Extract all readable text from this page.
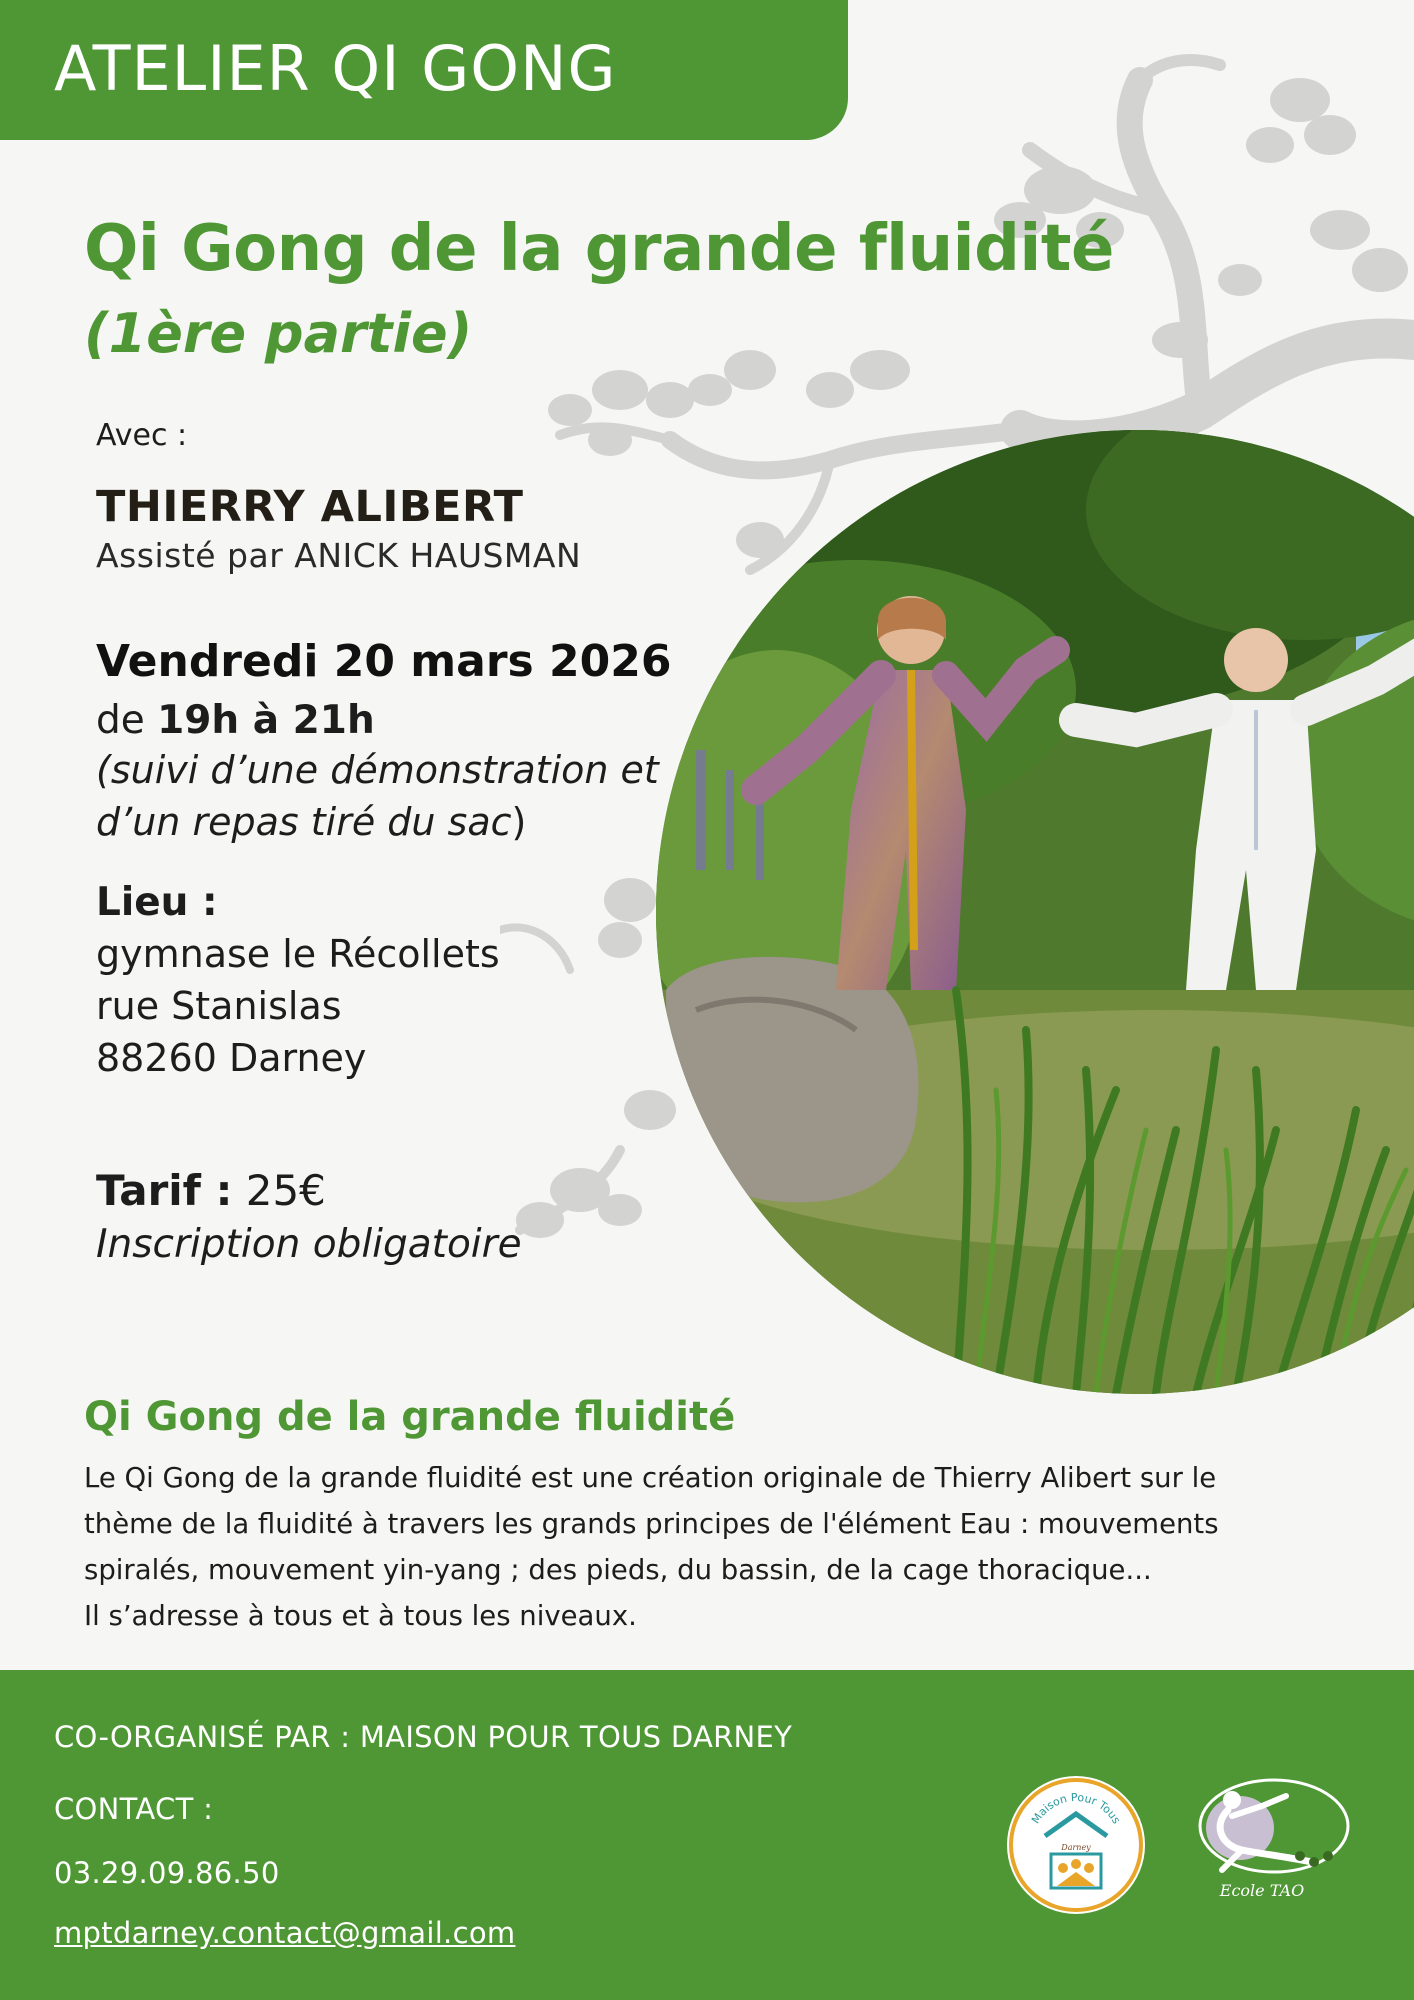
ATELIER QI GONG
Qi Gong de la grande fluidité
(1ère partie)
Avec :
THIERRY ALIBERT
Assisté par ANICK HAUSMAN
Vendredi 20 mars 2026
de 19h à 21h
(suivi d’une démonstration et
d’un repas tiré du sac)
Lieu :
gymnase le Récollets
rue Stanislas
88260 Darney
Tarif : 25€
Inscription obligatoire
Qi Gong de la grande fluidité
Le Qi Gong de la grande fluidité est une création originale de Thierry Alibert sur le
thème de la fluidité à travers les grands principes de l'élément Eau : mouvements
spiralés, mouvement yin-yang ; des pieds, du bassin, de la cage thoracique...
Il s’adresse à tous et à tous les niveaux.
CO-ORGANISÉ PAR : MAISON POUR TOUS DARNEY
CONTACT :
03.29.09.86.50
mptdarney.contact@gmail.com
Maison Pour Tous
Darney
Ecole TAO
